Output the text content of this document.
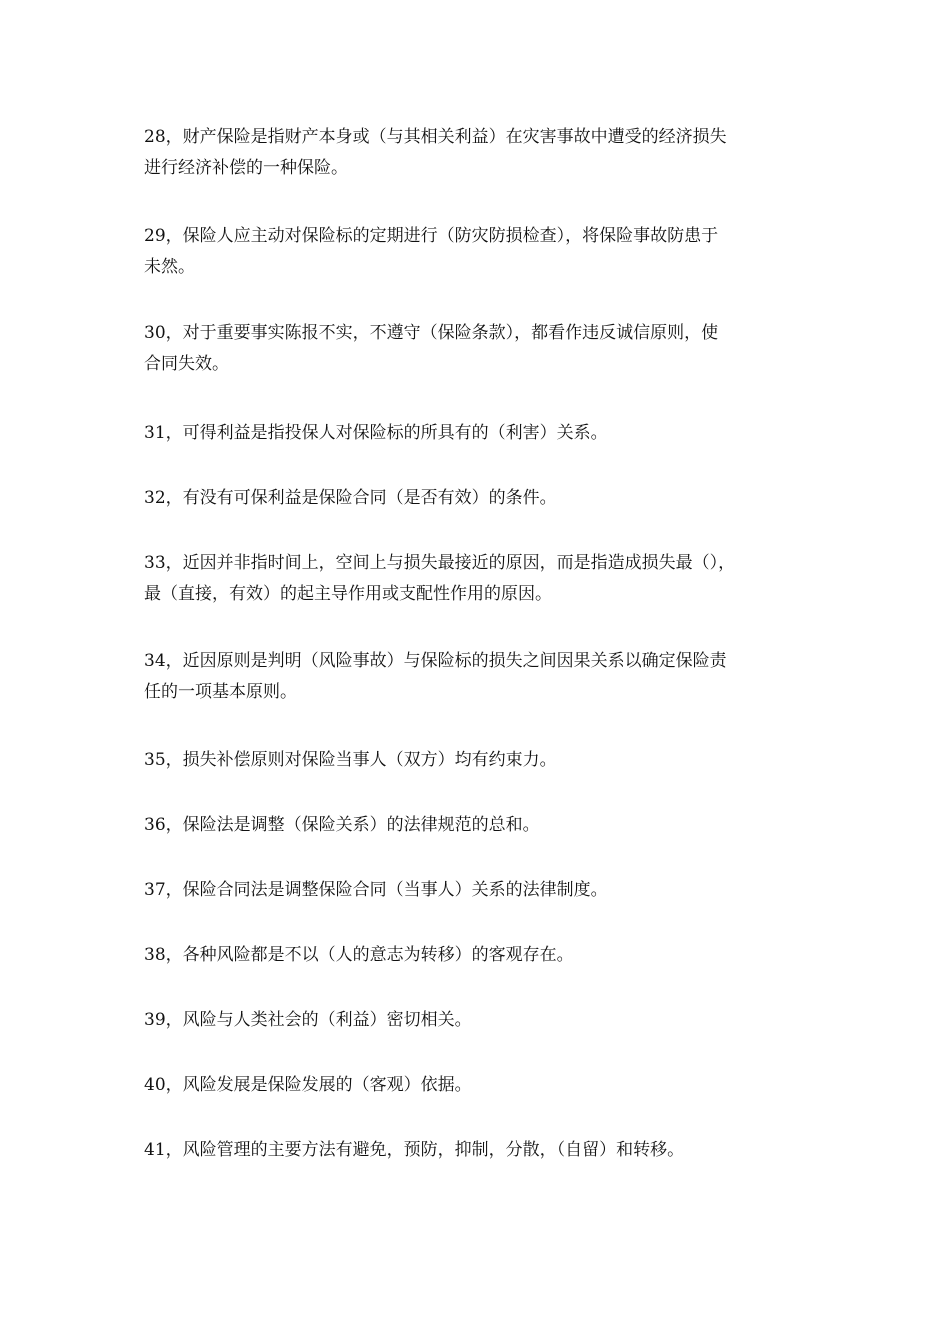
28，财产保险是指财产本身或（与其相关利益）在灾害事故中遭受的经济损失
进行经济补偿的一种保险。

29，保险人应主动对保险标的定期进行（防灾防损检查），将保险事故防患于
未然。

30，对于重要事实陈报不实，不遵守（保险条款），都看作违反诚信原则，使
合同失效。

31，可得利益是指投保人对保险标的所具有的（利害）关系。

32，有没有可保利益是保险合同（是否有效）的条件。

33，近因并非指时间上，空间上与损失最接近的原因，而是指造成损失最（），
最（直接，有效）的起主导作用或支配性作用的原因。

34，近因原则是判明（风险事故）与保险标的损失之间因果关系以确定保险责
任的一项基本原则。

35，损失补偿原则对保险当事人（双方）均有约束力。

36，保险法是调整（保险关系）的法律规范的总和。

37，保险合同法是调整保险合同（当事人）关系的法律制度。

38，各种风险都是不以（人的意志为转移）的客观存在。

39，风险与人类社会的（利益）密切相关。

40，风险发展是保险发展的（客观）依据。

41，风险管理的主要方法有避免，预防，抑制，分散，（自留）和转移。
